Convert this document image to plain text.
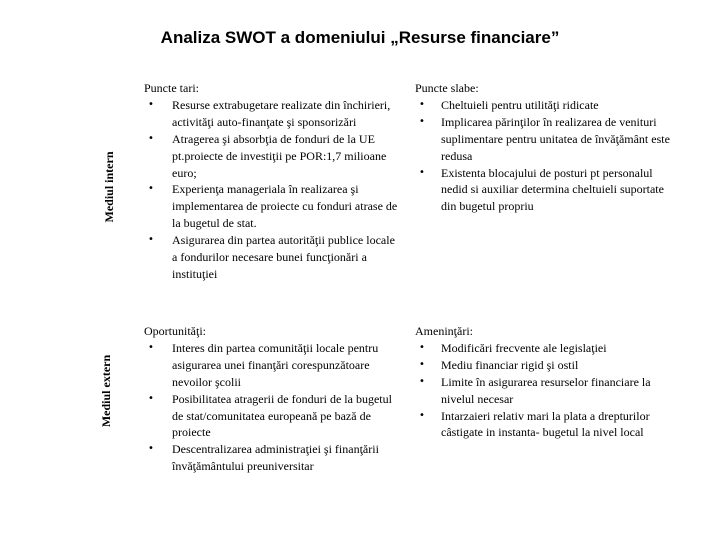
Analiza SWOT a domeniului „Resurse financiare”
Mediul intern
Mediul extern
Puncte tari:
• Resurse extrabugetare realizate din închirieri, activităţi auto-finanţate şi sponsorizări
• Atragerea şi absorbţia de fonduri de la UE pt.proiecte de investiţii pe POR:1,7 milioane euro;
• Experienţa manageriala în realizarea şi implementarea de proiecte cu fonduri atrase de la bugetul de stat.
• Asigurarea din partea autorităţii publice locale a fondurilor necesare bunei funcţionări a instituţiei
Puncte slabe:
• Cheltuieli pentru utilităţi ridicate
• Implicarea părinţilor în realizarea de venituri suplimentare pentru unitatea de învăţământ este redusa
• Existenta blocajului de posturi pt personalul nedid si auxiliar determina cheltuieli suportate din bugetul propriu
Oportunităţi:
• Interes din partea comunităţii locale pentru asigurarea unei finanţări corespunzătoare nevoilor şcolii
• Posibilitatea atragerii de fonduri de la bugetul de stat/comunitatea europeană pe bază de proiecte
• Descentralizarea administraţiei şi finanţării învăţământului preuniversitar
Ameninţări:
• Modificări frecvente ale legislaţiei
• Mediu financiar rigid şi ostil
• Limite în asigurarea resurselor financiare la nivelul necesar
• Intarzaieri relativ mari la plata a drepturilor câstigate in instanta- bugetul la nivel local
